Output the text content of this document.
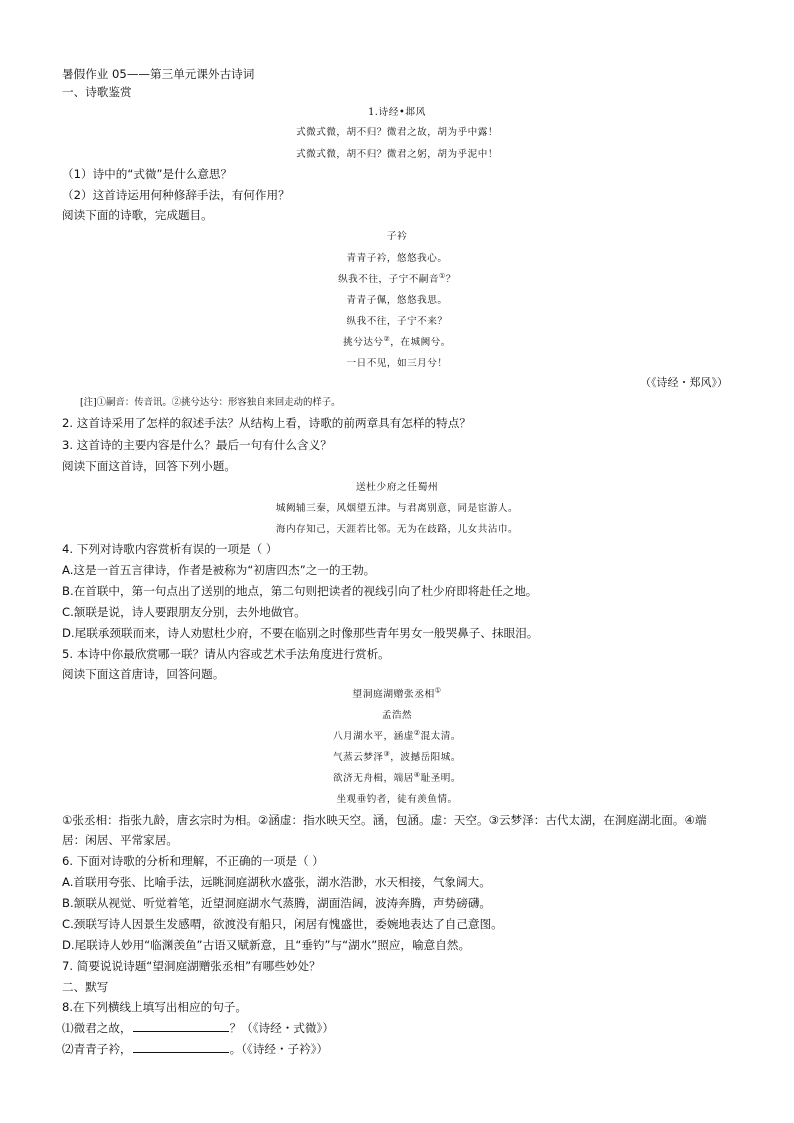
暑假作业 05——第三单元课外古诗词
一、诗歌鉴赏
1.诗经•邶风
式微式微，胡不归？微君之故，胡为乎中露！
式微式微，胡不归？微君之躬，胡为乎泥中！
（1）诗中的“式微”是什么意思？
（2）这首诗运用何种修辞手法，有何作用？
阅读下面的诗歌，完成题目。
子衿
青青子衿，悠悠我心。
纵我不往，子宁不嗣音①？
青青子佩，悠悠我思。
纵我不往，子宁不来？
挑兮达兮②，在城阙兮。
一日不见，如三月兮！
（《诗经・郑风》）
[注]①嗣音：传音讯。②挑兮达兮：形容独自来回走动的样子。
2. 这首诗采用了怎样的叙述手法？从结构上看，诗歌的前两章具有怎样的特点？
3. 这首诗的主要内容是什么？最后一句有什么含义？
阅读下面这首诗，回答下列小题。
送杜少府之任蜀州
城阙辅三秦，风烟望五津。与君离别意，同是宦游人。
海内存知己，天涯若比邻。无为在歧路，儿女共沾巾。
4. 下列对诗歌内容赏析有误的一项是（ ）
A.这是一首五言律诗，作者是被称为“初唐四杰”之一的王勃。
B.在首联中，第一句点出了送别的地点，第二句则把读者的视线引向了杜少府即将赴任之地。
C.颔联是说，诗人要跟朋友分别，去外地做官。
D.尾联承颈联而来，诗人劝慰杜少府，不要在临别之时像那些青年男女一般哭鼻子、抹眼泪。
5. 本诗中你最欣赏哪一联？请从内容或艺术手法角度进行赏析。
阅读下面这首唐诗，回答问题。
望洞庭湖赠张丞相①
孟浩然
八月湖水平，涵虚②混太清。
气蒸云梦泽③，波撼岳阳城。
欲济无舟楫，端居④耻圣明。
坐观垂钓者，徒有羡鱼情。
①张丞相：指张九龄，唐玄宗时为相。②涵虚：指水映天空。涵，包涵。虚：天空。③云梦泽：古代太湖，在洞庭湖北面。④端
居：闲居、平常家居。
6. 下面对诗歌的分析和理解，不正确的一项是（ ）
A.首联用夸张、比喻手法，远眺洞庭湖秋水盛张，湖水浩渺，水天相接，气象阔大。
B.颔联从视觉、听觉着笔，近望洞庭湖水气蒸腾，湖面浩阔，波涛奔腾，声势磅礴。
C.颈联写诗人因景生发感喟，欲渡没有船只，闲居有愧盛世，委婉地表达了自己意图。
D.尾联诗人妙用“临渊羡鱼”古语又赋新意，且“垂钓”与“湖水”照应，喻意自然。
7. 简要说说诗题“望洞庭湖赠张丞相”有哪些妙处？
二、默写
8.在下列横线上填写出相应的句子。
⑴微君之故，	？（《诗经・式微》）
⑵青青子衿，	。（《诗经・子衿》）
